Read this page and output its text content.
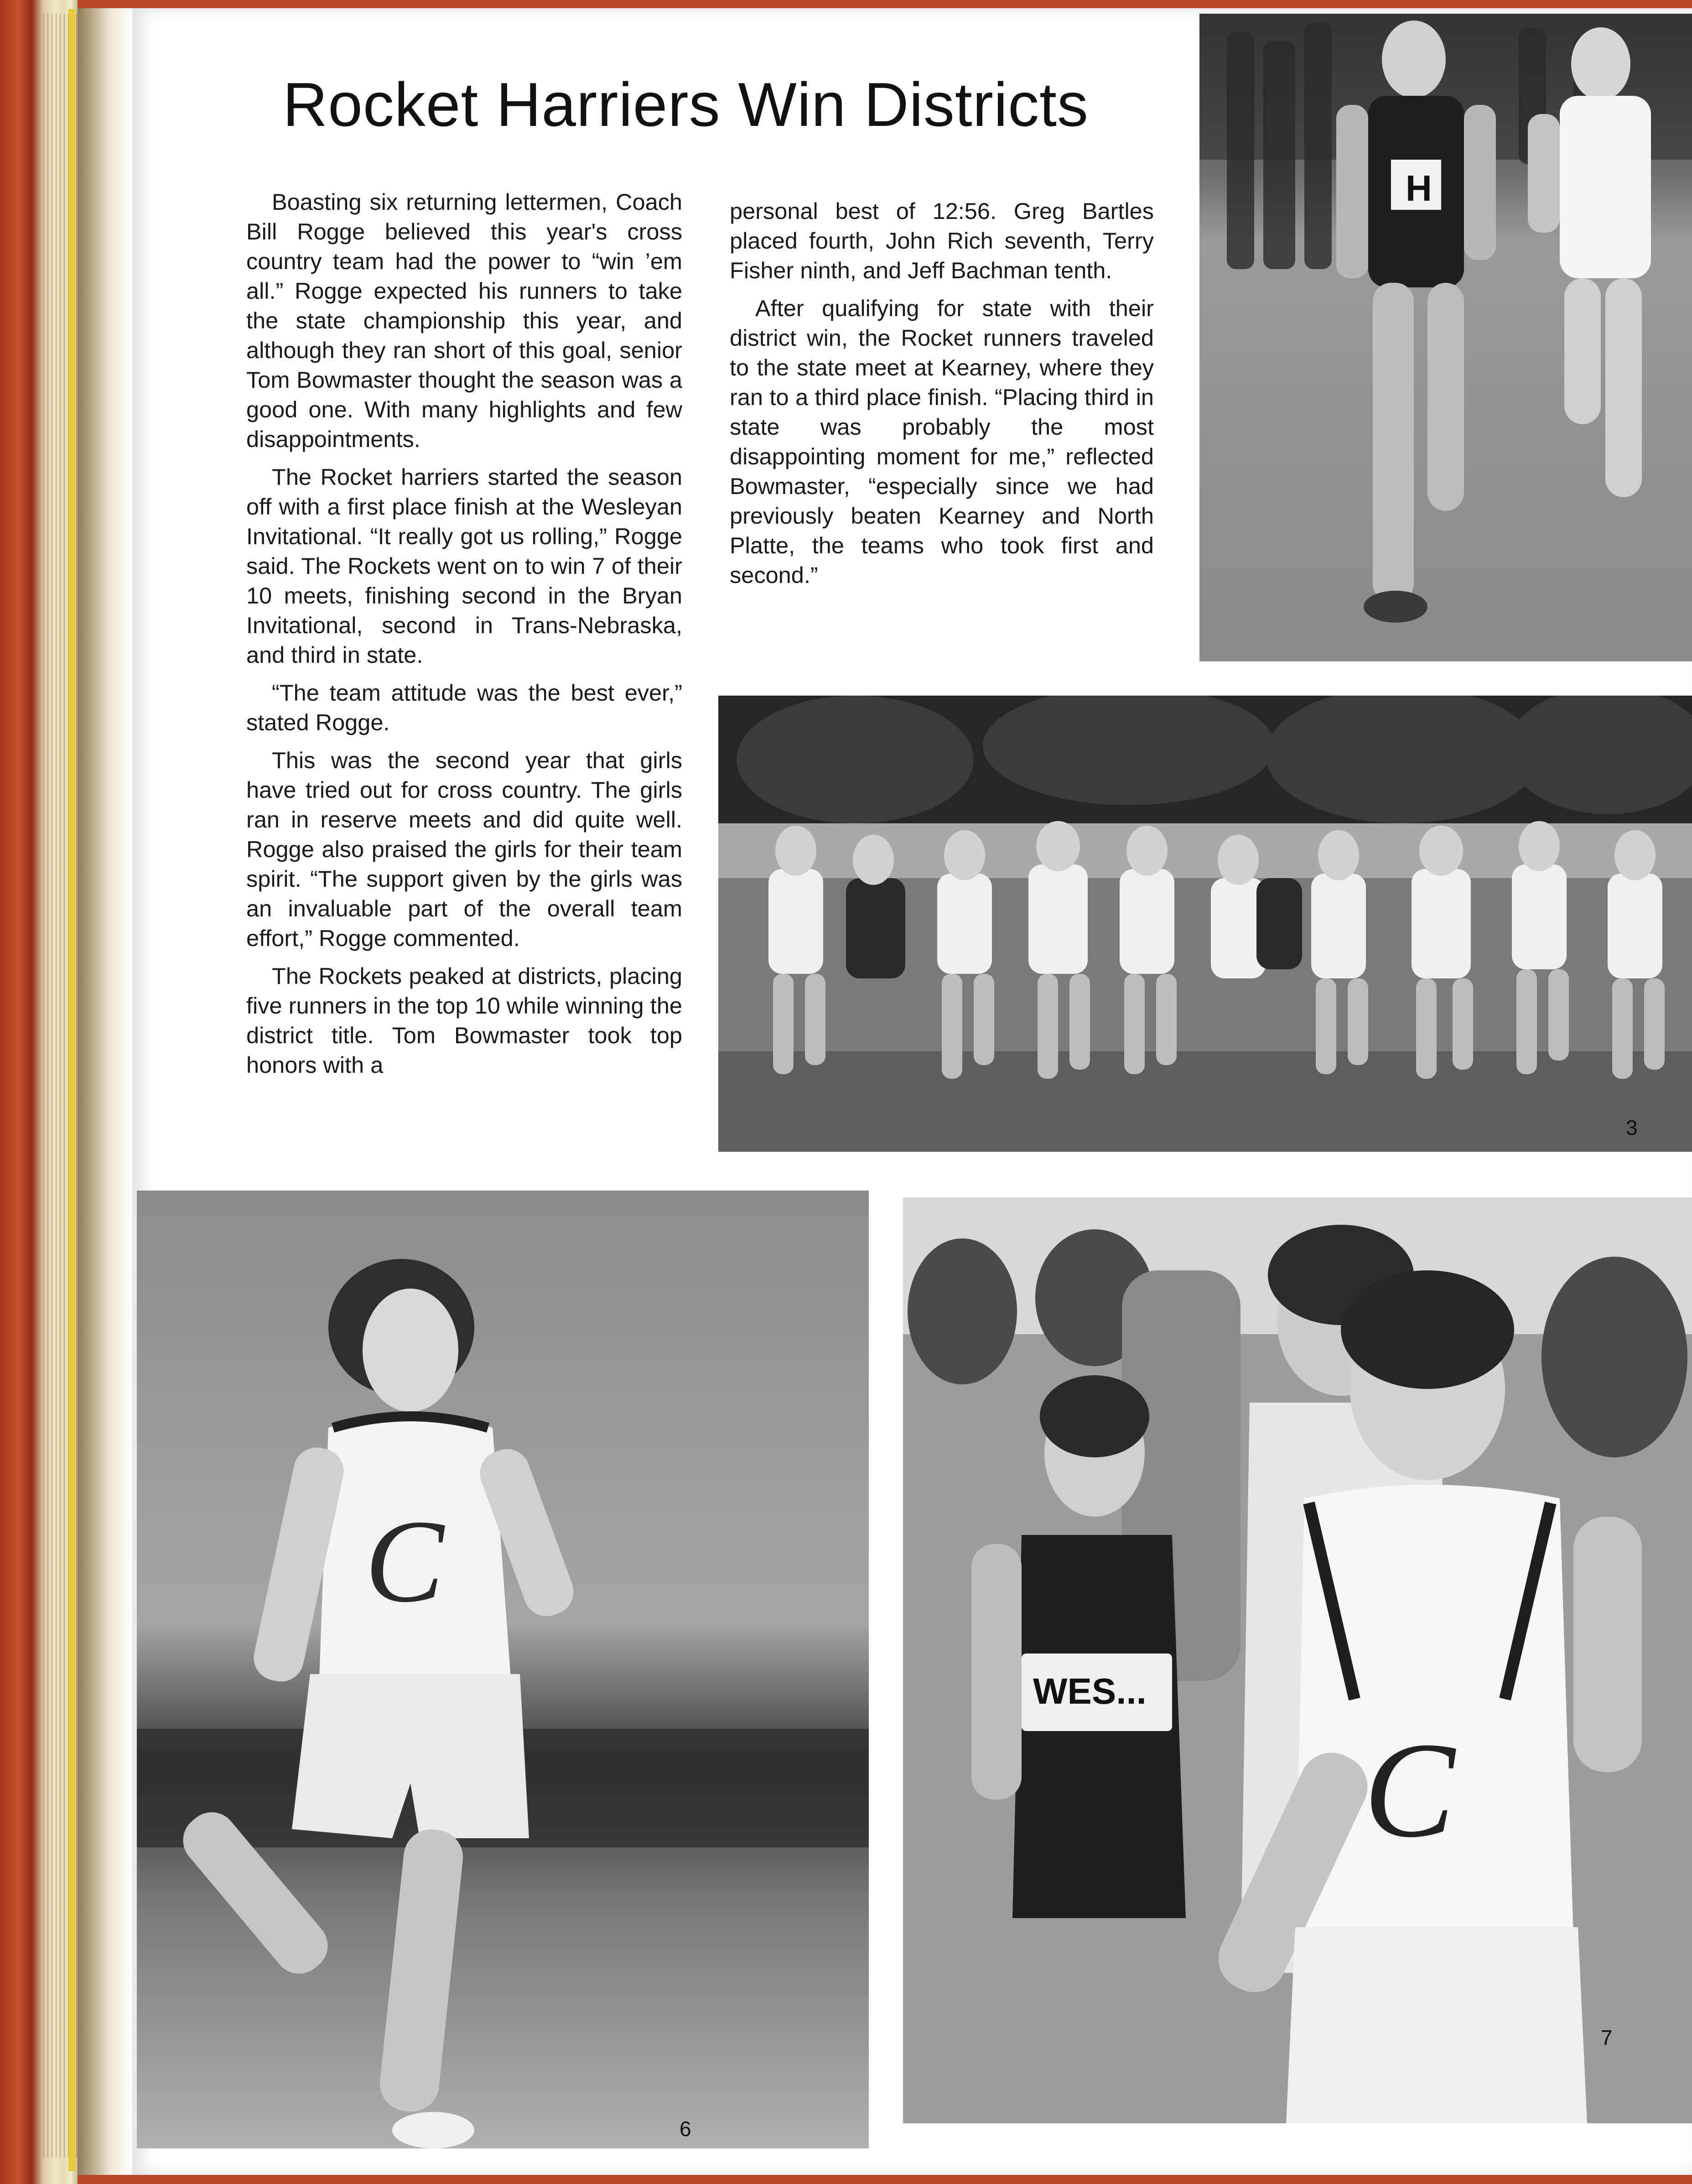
Rocket Harriers Win Districts

Boasting six returning lettermen, Coach Bill Rogge believed this year's cross country team had the power to “win ’em all.” Rogge expected his runners to take the state championship this year, and although they ran short of this goal, senior Tom Bowmaster thought the season was a good one. With many highlights and few disappointments.

The Rocket harriers started the season off with a first place finish at the Wesleyan Invitational. “It really got us rolling,” Rogge said. The Rockets went on to win 7 of their 10 meets, finishing second in the Bryan Invitational, second in Trans-Nebraska, and third in state.

“The team attitude was the best ever,” stated Rogge.

This was the second year that girls have tried out for cross country. The girls ran in reserve meets and did quite well. Rogge also praised the girls for their team spirit. “The support given by the girls was an invaluable part of the overall team effort,” Rogge commented.

The Rockets peaked at districts, placing five runners in the top 10 while winning the district title. Tom Bowmaster took top honors with a

personal best of 12:56. Greg Bartles placed fourth, John Rich seventh, Terry Fisher ninth, and Jeff Bachman tenth.

After qualifying for state with their district win, the Rocket runners traveled to the state meet at Kearney, where they ran to a third place finish. “Placing third in state was probably the most disappointing moment for me,” reflected Bowmaster, “especially since we had previously beaten Kearney and North Platte, the teams who took first and second.”

H
3
C
6
WES...
C
7
